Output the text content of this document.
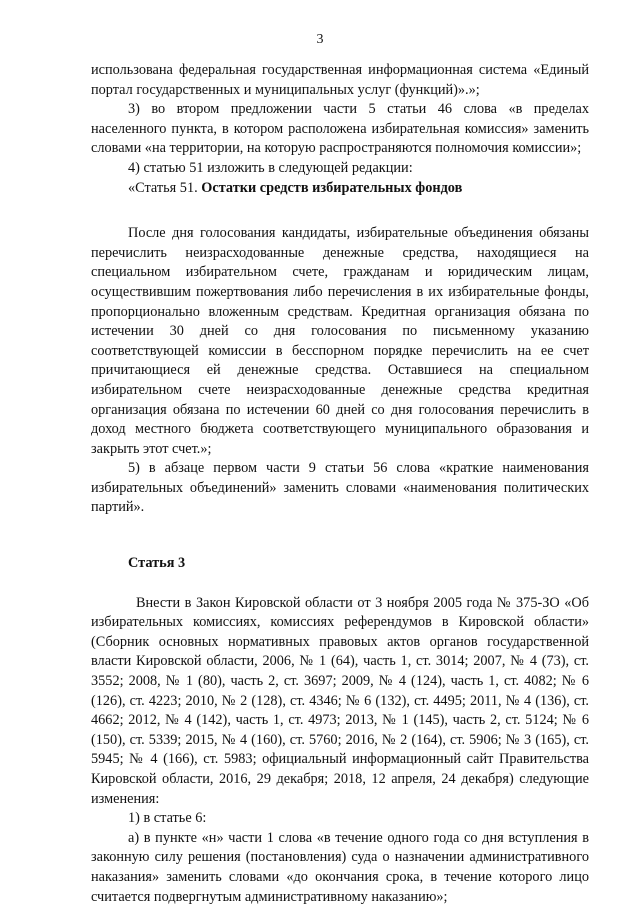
3

использована федеральная государственная информационная система «Единый портал государственных и муниципальных услуг (функций)».»;

3) во втором предложении части 5 статьи 46 слова «в пределах населенного пункта, в котором расположена избирательная комиссия» заменить словами «на территории, на которую распространяются полномочия комиссии»;

4) статью 51 изложить в следующей редакции:

«Статья 51. Остатки средств избирательных фондов

После дня голосования кандидаты, избирательные объединения обязаны перечислить неизрасходованные денежные средства, находящиеся на специальном избирательном счете, гражданам и юридическим лицам, осуществившим пожертвования либо перечисления в их избирательные фонды, пропорционально вложенным средствам. Кредитная организация обязана по истечении 30 дней со дня голосования по письменному указанию соответствующей комиссии в бесспорном порядке перечислить на ее счет причитающиеся ей денежные средства. Оставшиеся на специальном избирательном счете неизрасходованные денежные средства кредитная организация обязана по истечении 60 дней со дня голосования перечислить в доход местного бюджета соответствующего муниципального образования и закрыть этот счет.»;

5) в абзаце первом части 9 статьи 56 слова «краткие наименования избирательных объединений» заменить словами «наименования политических партий».

Статья 3

Внести в Закон Кировской области от 3 ноября 2005 года № 375-ЗО «Об избирательных комиссиях, комиссиях референдумов в Кировской области» (Сборник основных нормативных правовых актов органов государственной власти Кировской области, 2006, № 1 (64), часть 1, ст. 3014; 2007, № 4 (73), ст. 3552; 2008, № 1 (80), часть 2, ст. 3697; 2009, № 4 (124), часть 1, ст. 4082; № 6 (126), ст. 4223; 2010, № 2 (128), ст. 4346; № 6 (132), ст. 4495; 2011, № 4 (136), ст. 4662; 2012, № 4 (142), часть 1, ст. 4973; 2013, № 1 (145), часть 2, ст. 5124; № 6 (150), ст. 5339; 2015, № 4 (160), ст. 5760; 2016, № 2 (164), ст. 5906; № 3 (165), ст. 5945; № 4 (166), ст. 5983; официальный информационный сайт Правительства Кировской области, 2016, 29 декабря; 2018, 12 апреля, 24 декабря) следующие изменения:

1) в статье 6:

а) в пункте «н» части 1 слова «в течение одного года со дня вступления в законную силу решения (постановления) суда о назначении административного наказания» заменить словами «до окончания срока, в течение которого лицо считается подвергнутым административному наказанию»;
